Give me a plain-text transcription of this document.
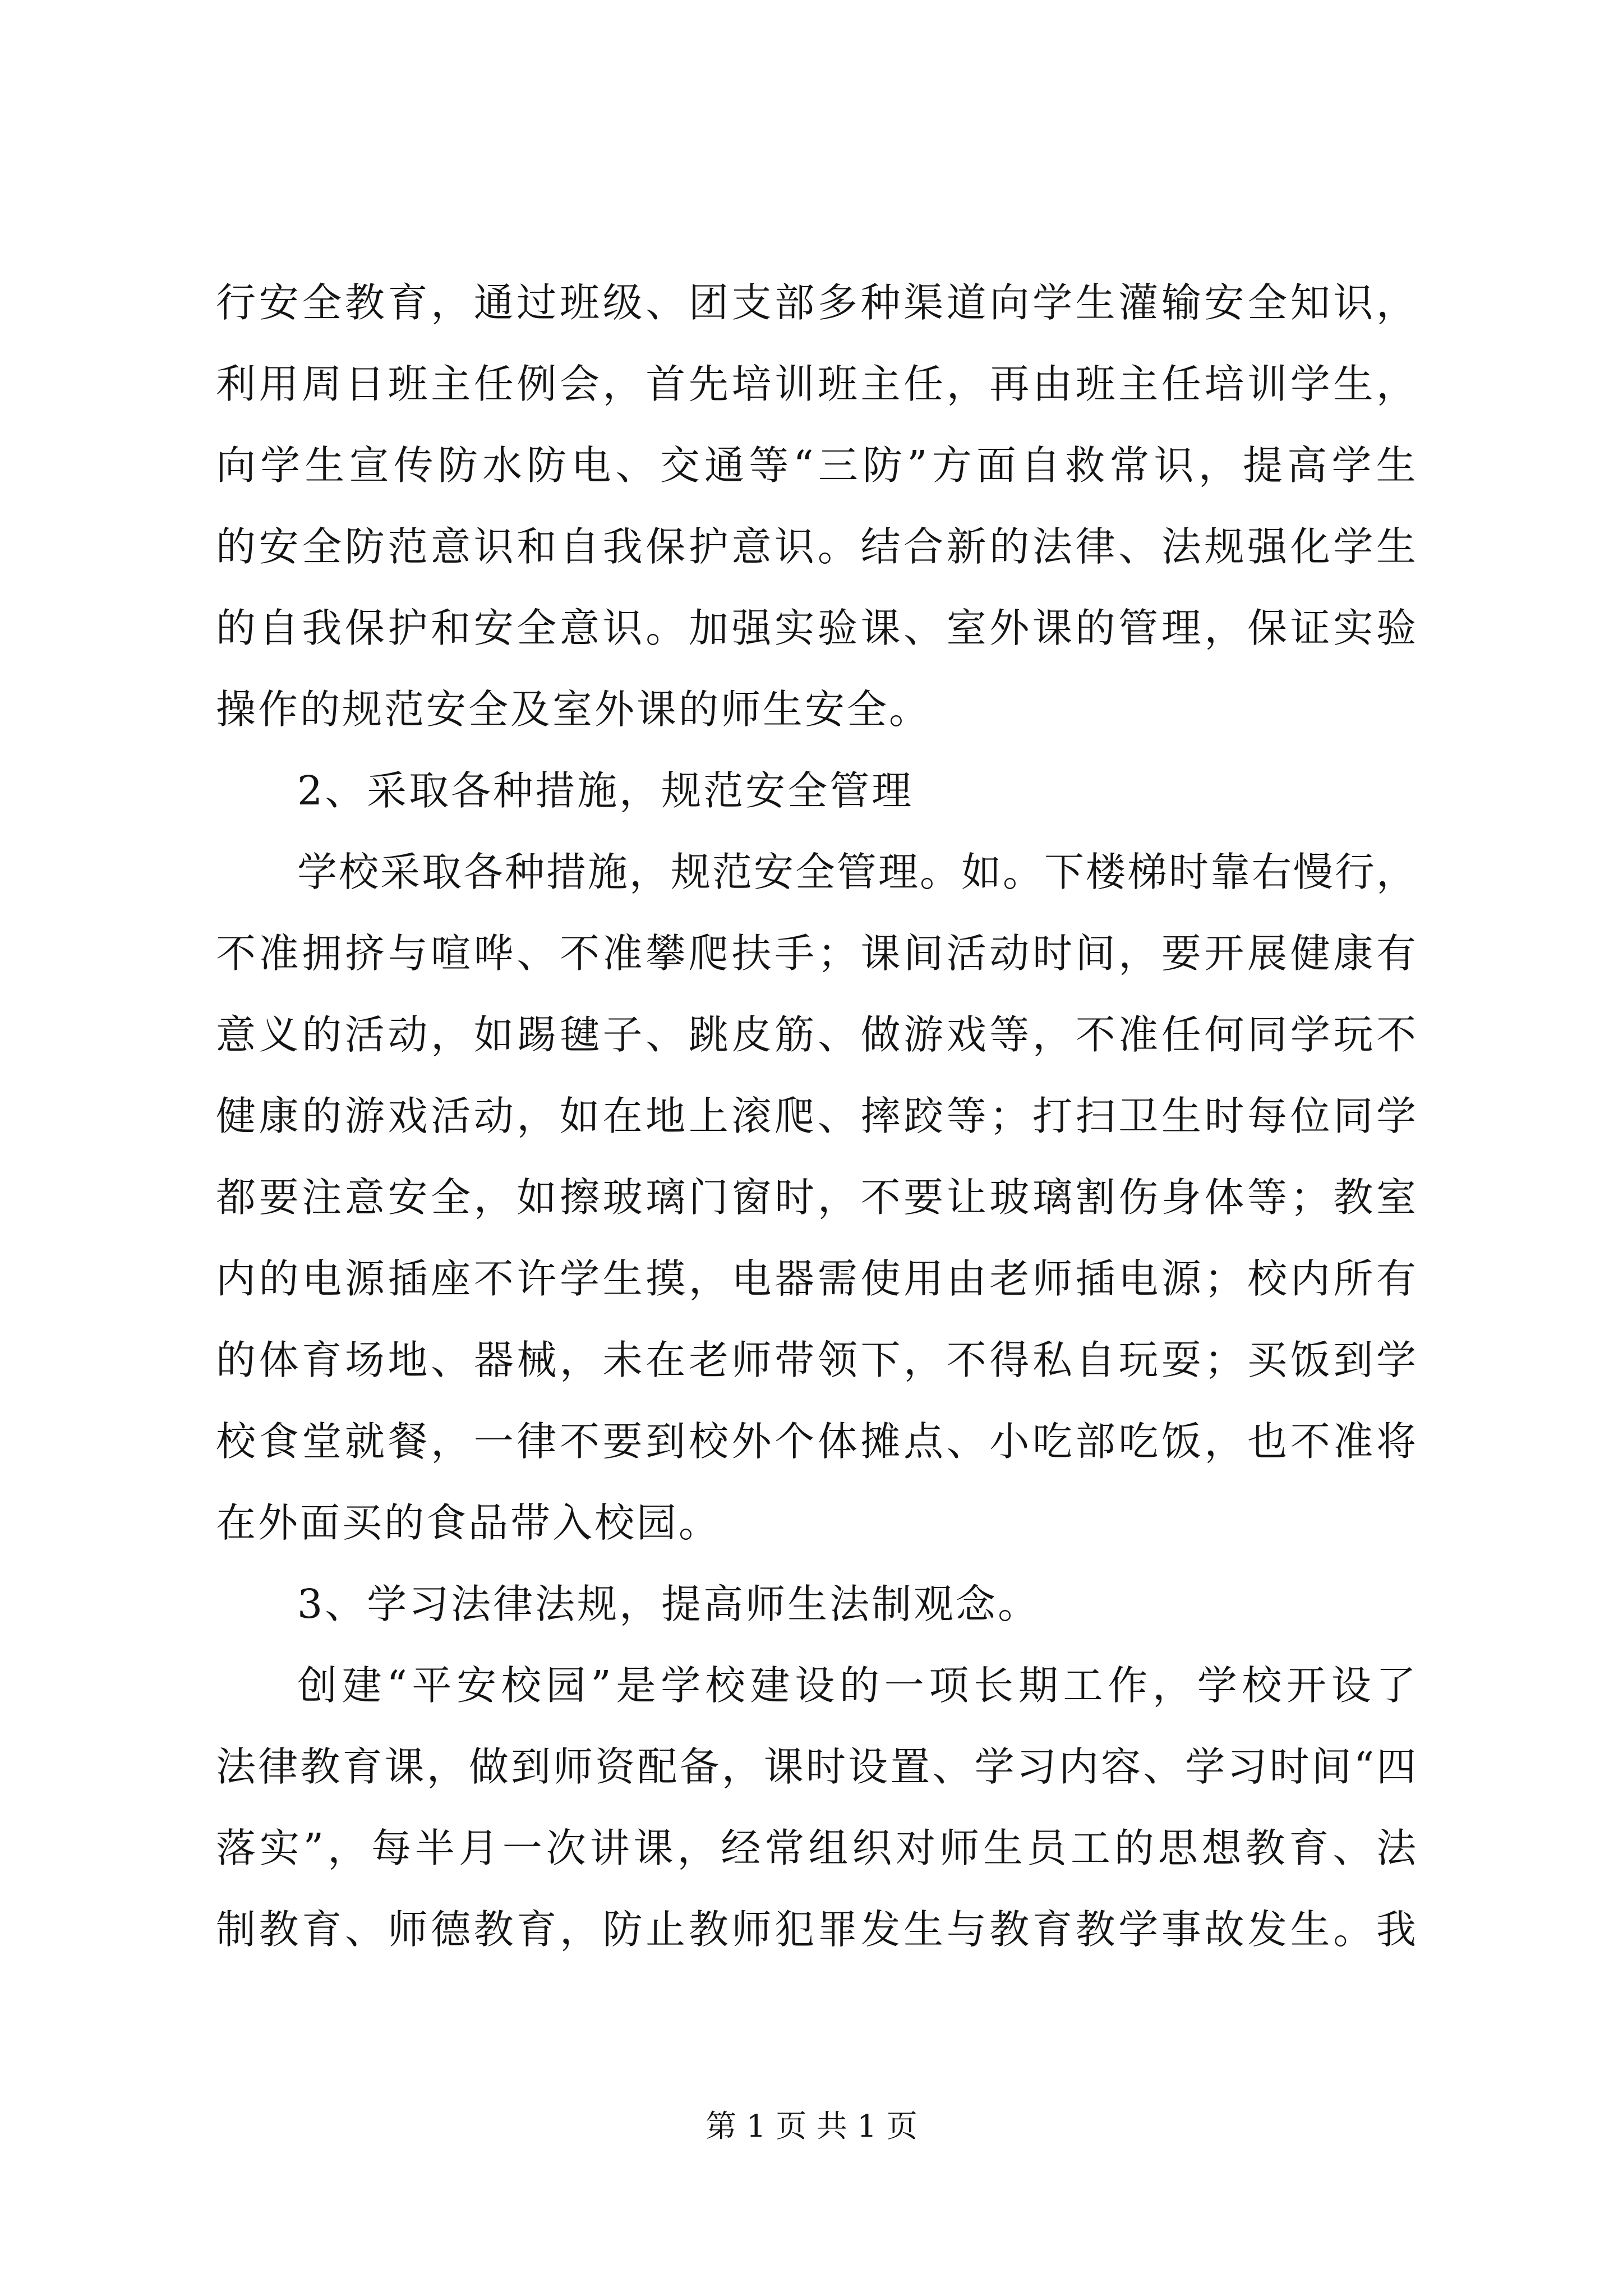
行安全教育，通过班级、团支部多种渠道向学生灌输安全知识，

利用周日班主任例会，首先培训班主任，再由班主任培训学生，

向学生宣传防水防电、交通等“三防”方面自救常识，提高学生

的安全防范意识和自我保护意识。结合新的法律、法规强化学生

的自我保护和安全意识。加强实验课、室外课的管理，保证实验

操作的规范安全及室外课的师生安全。

2、采取各种措施，规范安全管理

学校采取各种措施，规范安全管理。如。下楼梯时靠右慢行，

不准拥挤与喧哗、不准攀爬扶手；课间活动时间，要开展健康有

意义的活动，如踢毽子、跳皮筋、做游戏等，不准任何同学玩不

健康的游戏活动，如在地上滚爬、摔跤等；打扫卫生时每位同学

都要注意安全，如擦玻璃门窗时，不要让玻璃割伤身体等；教室

内的电源插座不许学生摸，电器需使用由老师插电源；校内所有

的体育场地、器械，未在老师带领下，不得私自玩耍；买饭到学

校食堂就餐，一律不要到校外个体摊点、小吃部吃饭，也不准将

在外面买的食品带入校园。

3、学习法律法规，提高师生法制观念。

创建“平安校园”是学校建设的一项长期工作，学校开设了

法律教育课，做到师资配备，课时设置、学习内容、学习时间“四

落实”，每半月一次讲课，经常组织对师生员工的思想教育、法

制教育、师德教育，防止教师犯罪发生与教育教学事故发生。我

第 1 页 共 1 页
